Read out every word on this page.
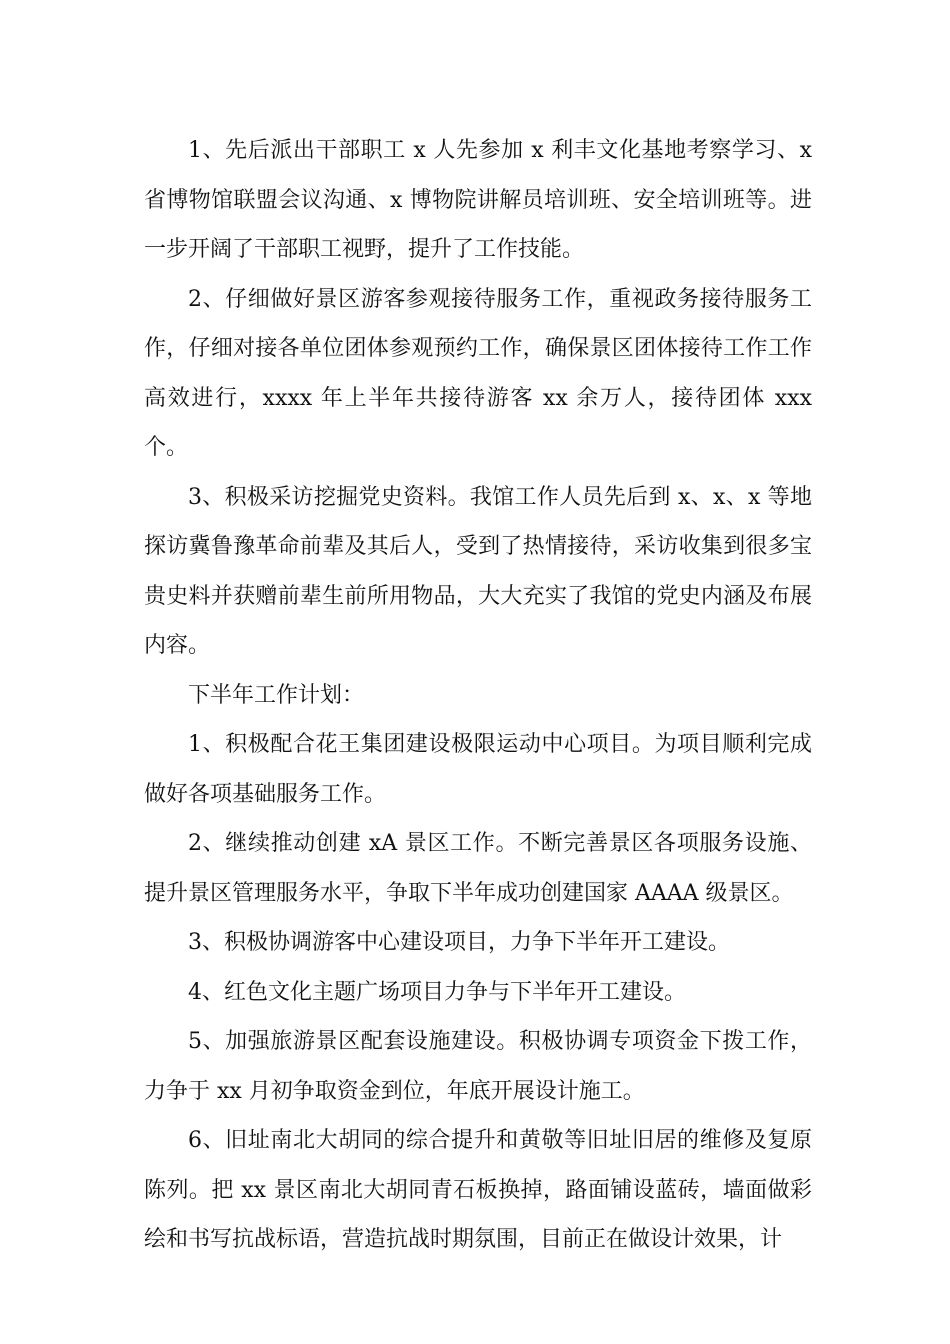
1、先后派出干部职工 x 人先参加 x 利丰文化基地考察学习、x 省博物馆联盟会议沟通、x 博物院讲解员培训班、安全培训班等。进一步开阔了干部职工视野，提升了工作技能。

2、仔细做好景区游客参观接待服务工作，重视政务接待服务工作，仔细对接各单位团体参观预约工作，确保景区团体接待工作工作高效进行，xxxx 年上半年共接待游客 xx 余万人，接待团体 xxx 个。

3、积极采访挖掘党史资料。我馆工作人员先后到 x、x、x 等地探访冀鲁豫革命前辈及其后人，受到了热情接待，采访收集到很多宝贵史料并获赠前辈生前所用物品，大大充实了我馆的党史内涵及布展内容。

下半年工作计划：

1、积极配合花王集团建设极限运动中心项目。为项目顺利完成做好各项基础服务工作。

2、继续推动创建 xA 景区工作。不断完善景区各项服务设施、提升景区管理服务水平，争取下半年成功创建国家 AAAA 级景区。

3、积极协调游客中心建设项目，力争下半年开工建设。

4、红色文化主题广场项目力争与下半年开工建设。

5、加强旅游景区配套设施建设。积极协调专项资金下拨工作，力争于 xx 月初争取资金到位，年底开展设计施工。

6、旧址南北大胡同的综合提升和黄敬等旧址旧居的维修及复原陈列。把 xx 景区南北大胡同青石板换掉，路面铺设蓝砖，墙面做彩绘和书写抗战标语，营造抗战时期氛围，目前正在做设计效果，计
